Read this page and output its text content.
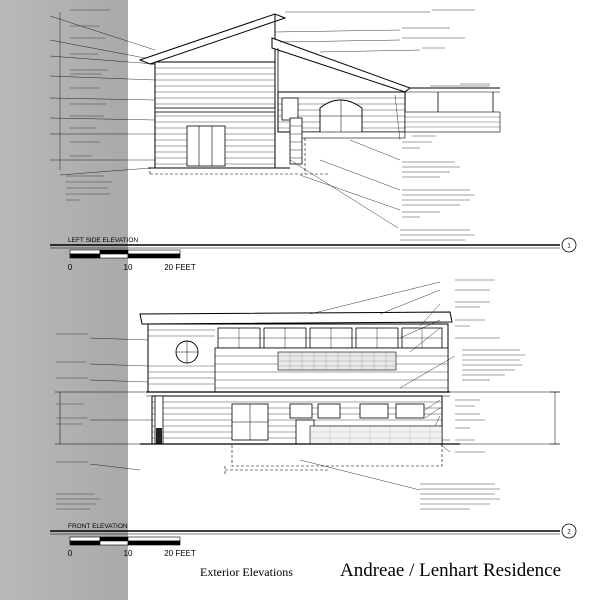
1
LEFT SIDE ELEVATION
0	10	20 FEET
2
FRONT ELEVATION
0	10	20 FEET
Exterior Elevations Andreae / Lenhart Residence
